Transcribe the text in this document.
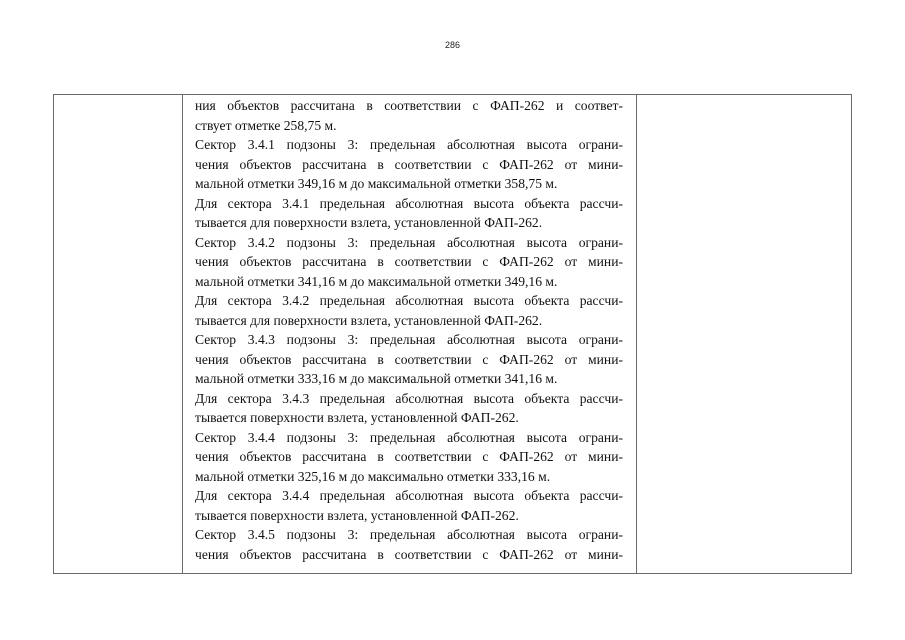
286

ния объектов рассчитана в соответствии с ФАП-262 и соответ-
ствует отметке 258,75 м.
Сектор 3.4.1 подзоны 3: предельная абсолютная высота ограни-
чения объектов рассчитана в соответствии с ФАП-262 от мини-
мальной отметки 349,16 м до максимальной отметки 358,75 м.
Для сектора 3.4.1 предельная абсолютная высота объекта рассчи-
тывается для поверхности взлета, установленной ФАП-262.
Сектор 3.4.2 подзоны 3: предельная абсолютная высота ограни-
чения объектов рассчитана в соответствии с ФАП-262 от мини-
мальной отметки 341,16 м до максимальной отметки 349,16 м.
Для сектора 3.4.2 предельная абсолютная высота объекта рассчи-
тывается для поверхности взлета, установленной ФАП-262.
Сектор 3.4.3 подзоны 3: предельная абсолютная высота ограни-
чения объектов рассчитана в соответствии с ФАП-262 от мини-
мальной отметки 333,16 м до максимальной отметки 341,16 м.
Для сектора 3.4.3 предельная абсолютная высота объекта рассчи-
тывается поверхности взлета, установленной ФАП-262.
Сектор 3.4.4 подзоны 3: предельная абсолютная высота ограни-
чения объектов рассчитана в соответствии с ФАП-262 от мини-
мальной отметки 325,16 м до максимально отметки 333,16 м.
Для сектора 3.4.4 предельная абсолютная высота объекта рассчи-
тывается поверхности взлета, установленной ФАП-262.
Сектор 3.4.5 подзоны 3: предельная абсолютная высота ограни-
чения объектов рассчитана в соответствии с ФАП-262 от мини-
